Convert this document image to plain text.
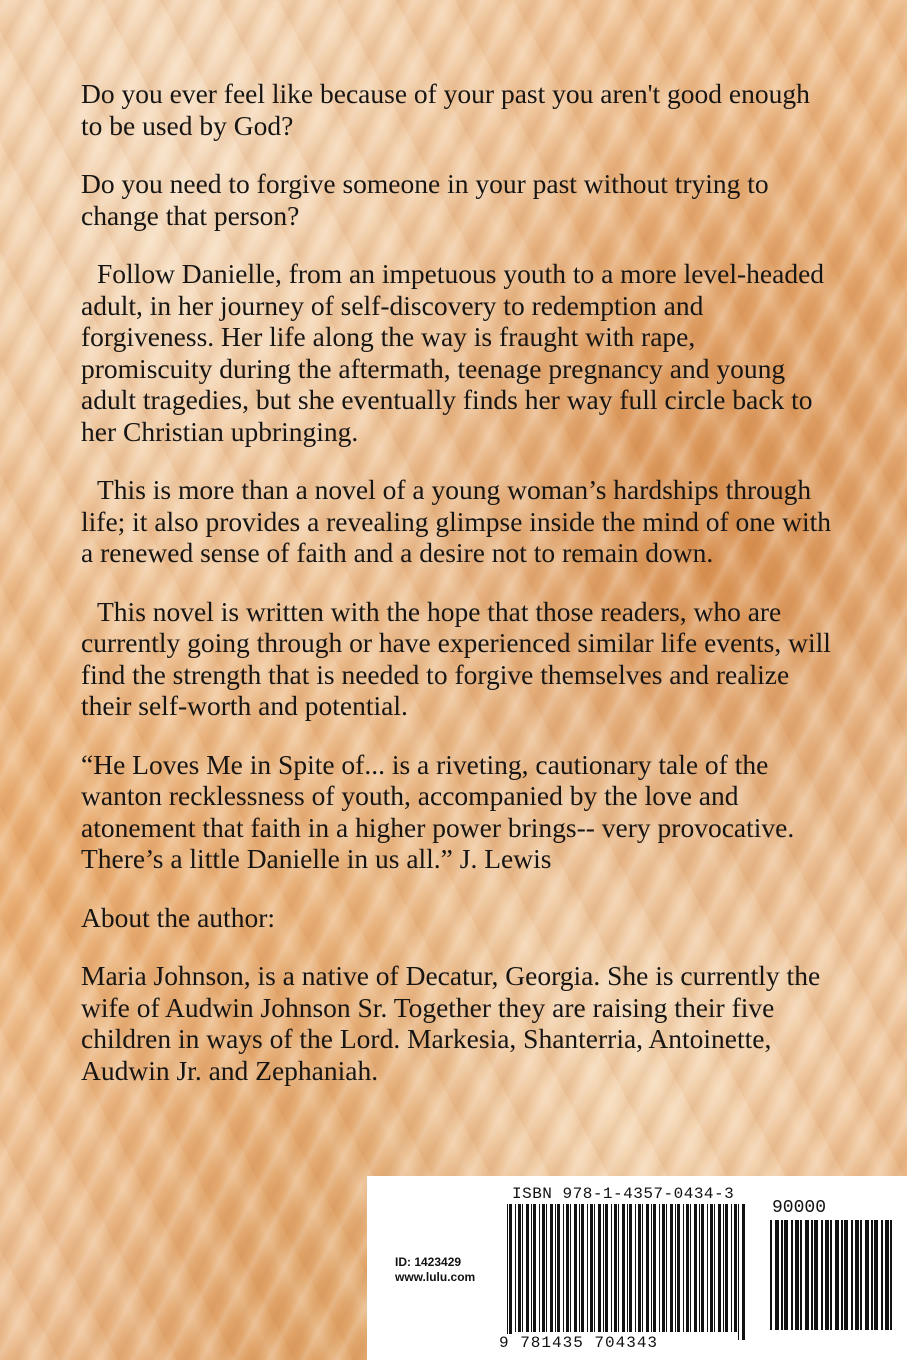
Do you ever feel like because of your past you aren't good enough to be used by God?

Do you need to forgive someone in your past without trying to change that person?

Follow Danielle, from an impetuous youth to a more level-headed adult, in her journey of self-discovery to redemption and forgiveness. Her life along the way is fraught with rape, promiscuity during the aftermath, teenage pregnancy and young adult tragedies, but she eventually finds her way full circle back to her Christian upbringing.

This is more than a novel of a young woman’s hardships through life; it also provides a revealing glimpse inside the mind of one with a renewed sense of faith and a desire not to remain down.

This novel is written with the hope that those readers, who are currently going through or have experienced similar life events, will find the strength that is needed to forgive themselves and realize their self-worth and potential.

“He Loves Me in Spite of... is a riveting, cautionary tale of the wanton recklessness of youth, accompanied by the love and atonement that faith in a higher power brings-- very provocative. There’s a little Danielle in us all.” J. Lewis

About the author:

Maria Johnson, is a native of Decatur, Georgia. She is currently the wife of Audwin Johnson Sr. Together they are raising their five children in ways of the Lord. Markesia, Shanterria, Antoinette, Audwin Jr. and Zephaniah.

ID: 1423429
www.lulu.com
ISBN 978-1-4357-0434-3
90000
9 781435 704343
